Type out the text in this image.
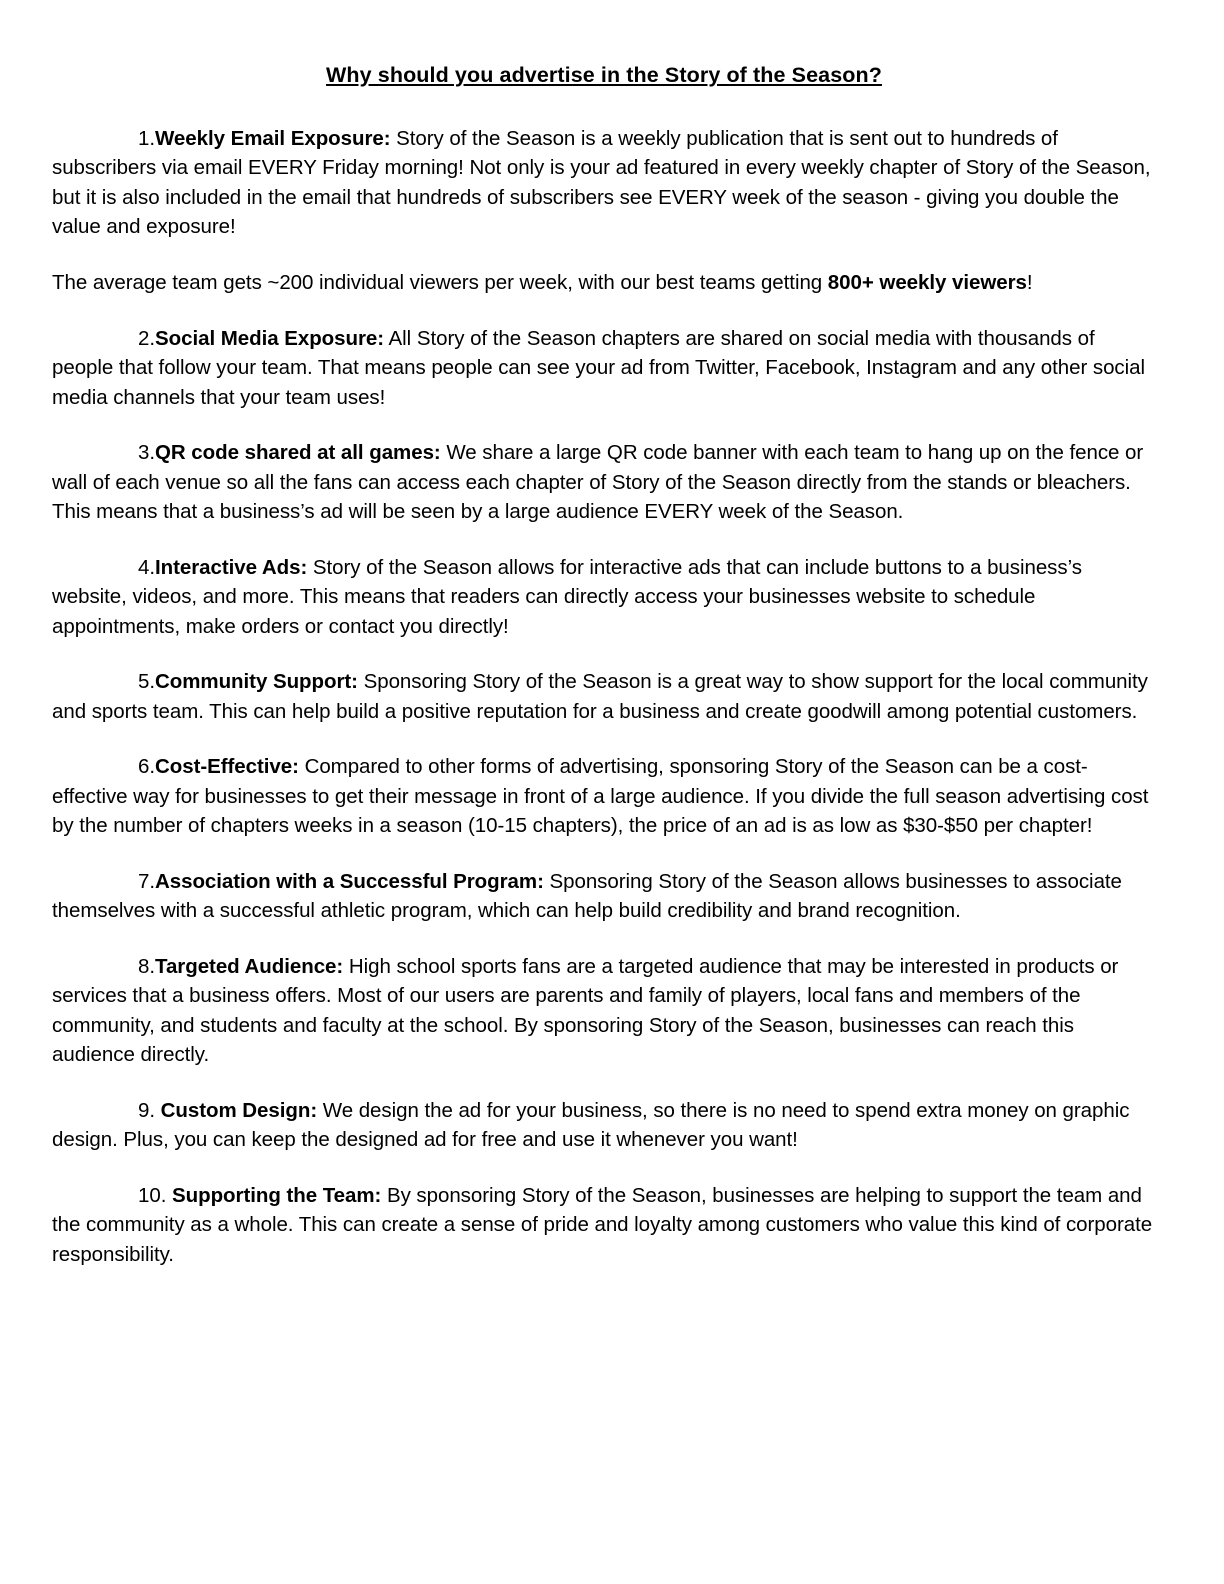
Why should you advertise in the Story of the Season?

1.Weekly Email Exposure: Story of the Season is a weekly publication that is sent out to hundreds of subscribers via email EVERY Friday morning! Not only is your ad featured in every weekly chapter of Story of the Season, but it is also included in the email that hundreds of subscribers see EVERY week of the season - giving you double the value and exposure!

The average team gets ~200 individual viewers per week, with our best teams getting 800+ weekly viewers!

2.Social Media Exposure: All Story of the Season chapters are shared on social media with thousands of people that follow your team. That means people can see your ad from Twitter, Facebook, Instagram and any other social media channels that your team uses!

3.QR code shared at all games: We share a large QR code banner with each team to hang up on the fence or wall of each venue so all the fans can access each chapter of Story of the Season directly from the stands or bleachers. This means that a business’s ad will be seen by a large audience EVERY week of the Season.

4.Interactive Ads: Story of the Season allows for interactive ads that can include buttons to a business’s website, videos, and more. This means that readers can directly access your businesses website to schedule appointments, make orders or contact you directly!

5.Community Support: Sponsoring Story of the Season is a great way to show support for the local community and sports team. This can help build a positive reputation for a business and create goodwill among potential customers.

6.Cost-Effective: Compared to other forms of advertising, sponsoring Story of the Season can be a cost-effective way for businesses to get their message in front of a large audience. If you divide the full season advertising cost by the number of chapters weeks in a season (10-15 chapters), the price of an ad is as low as $30-$50 per chapter!

7.Association with a Successful Program: Sponsoring Story of the Season allows businesses to associate themselves with a successful athletic program, which can help build credibility and brand recognition.

8.Targeted Audience: High school sports fans are a targeted audience that may be interested in products or services that a business offers. Most of our users are parents and family of players, local fans and members of the community, and students and faculty at the school. By sponsoring Story of the Season, businesses can reach this audience directly.

9. Custom Design: We design the ad for your business, so there is no need to spend extra money on graphic design. Plus, you can keep the designed ad for free and use it whenever you want!

10. Supporting the Team: By sponsoring Story of the Season, businesses are helping to support the team and the community as a whole. This can create a sense of pride and loyalty among customers who value this kind of corporate responsibility.
